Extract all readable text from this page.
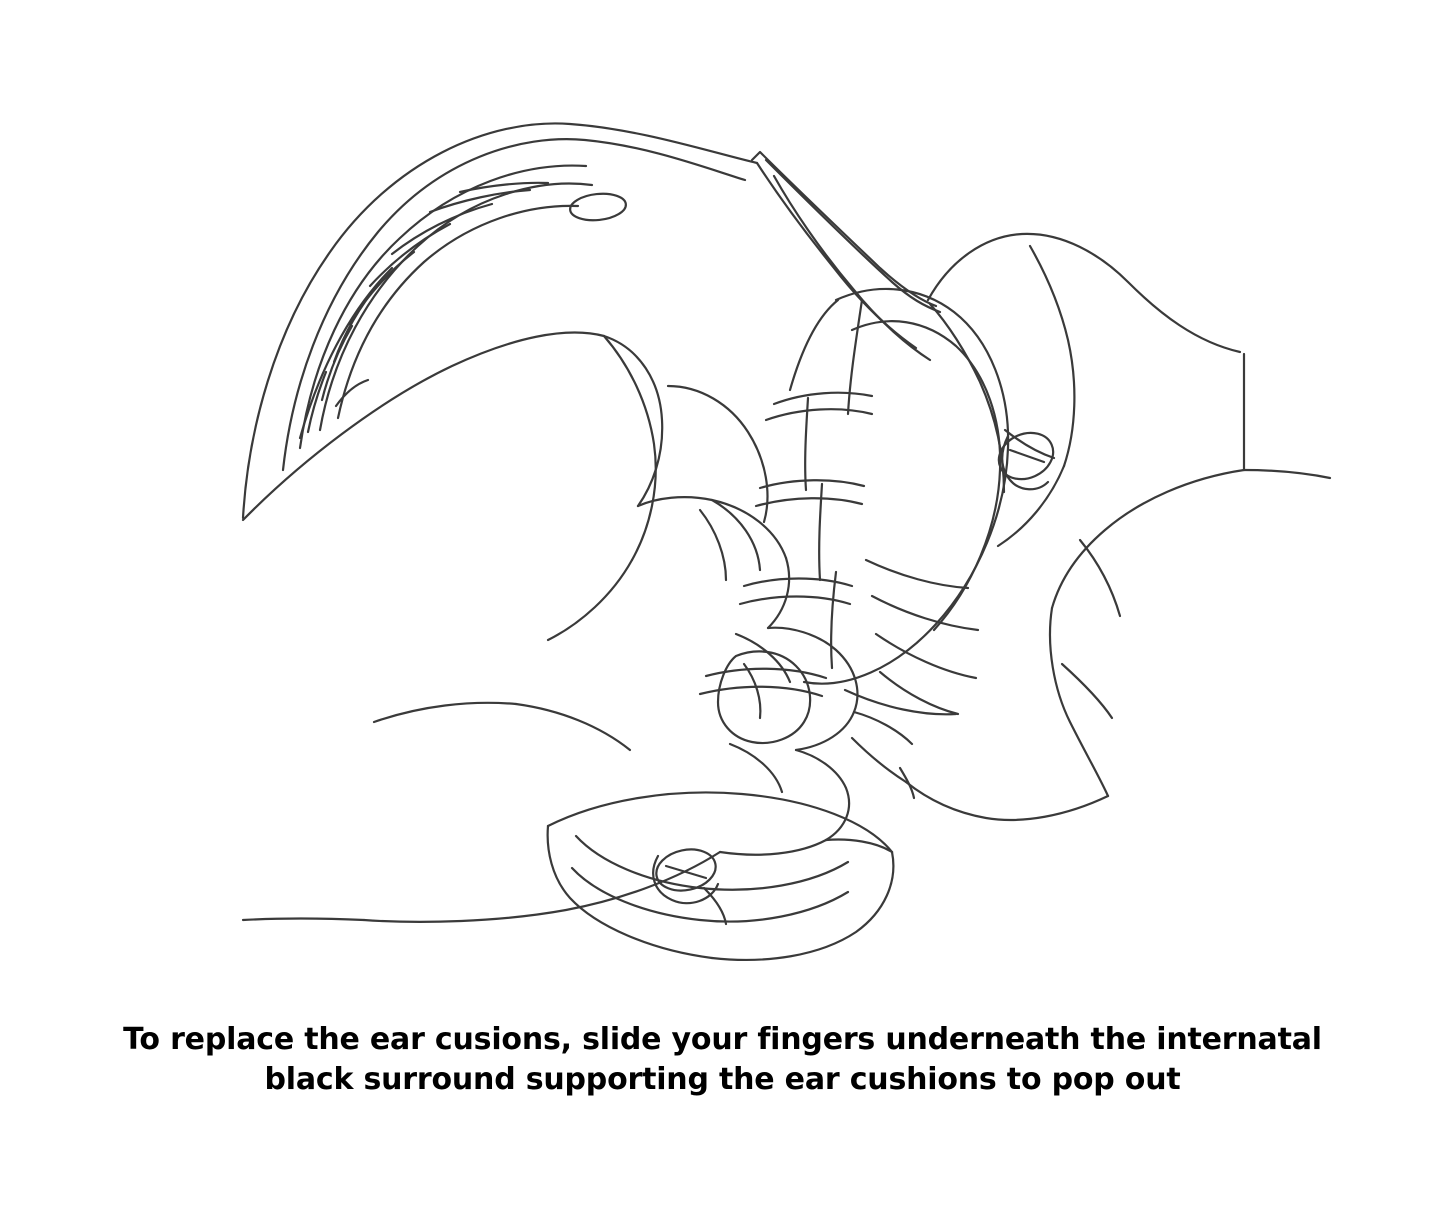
To replace the ear cusions, slide your fingers underneath the internatal black surround supporting the ear cushions to pop out
